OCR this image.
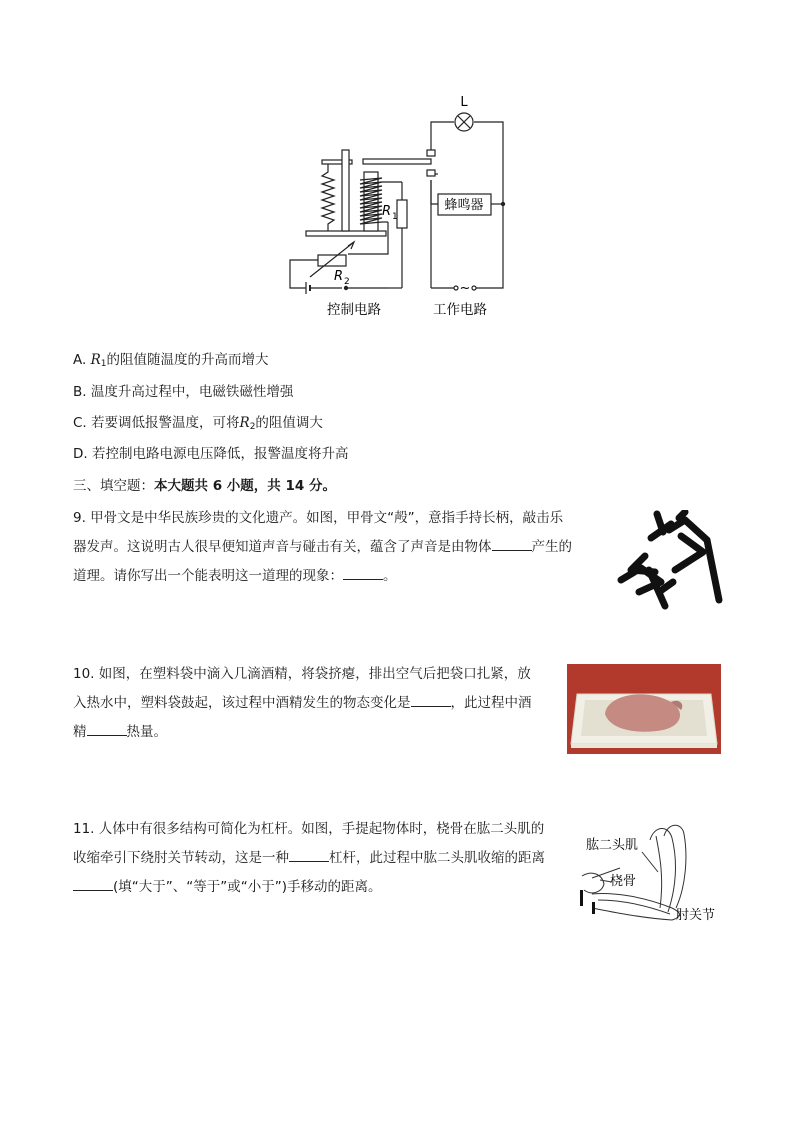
L
蜂鸣器
R 1
R 2	~
控制电路	工作电路
A. $R_1$的阻值随温度的升高而增大
B. 温度升高过程中，电磁铁磁性增强
C. 若要调低报警温度，可将$R_2$的阻值调大
D. 若控制电路电源电压降低，报警温度将升高
三、填空题：本大题共 6 小题，共 14 分。
9. 甲骨文是中华民族珍贵的文化遗产。如图，甲骨文“殸”，意指手持长柄，敲击乐
器发声。这说明古人很早便知道声音与碰击有关，蕴含了声音是由物体	产生的
道理。请你写出一个能表明这一道理的现象：	。
10. 如图，在塑料袋中滴入几滴酒精，将袋挤瘪，排出空气后把袋口扎紧，放
入热水中，塑料袋鼓起，该过程中酒精发生的物态变化是	，此过程中酒
精	热量。
11. 人体中有很多结构可简化为杠杆。如图，手提起物体时，桡骨在肱二头肌的
收缩牵引下绕肘关节转动，这是一种	杠杆，此过程中肱二头肌收缩的距离
(填“大于”、“等于”或“小于”)手移动的距离。
肱二头肌
桡骨
肘关节
